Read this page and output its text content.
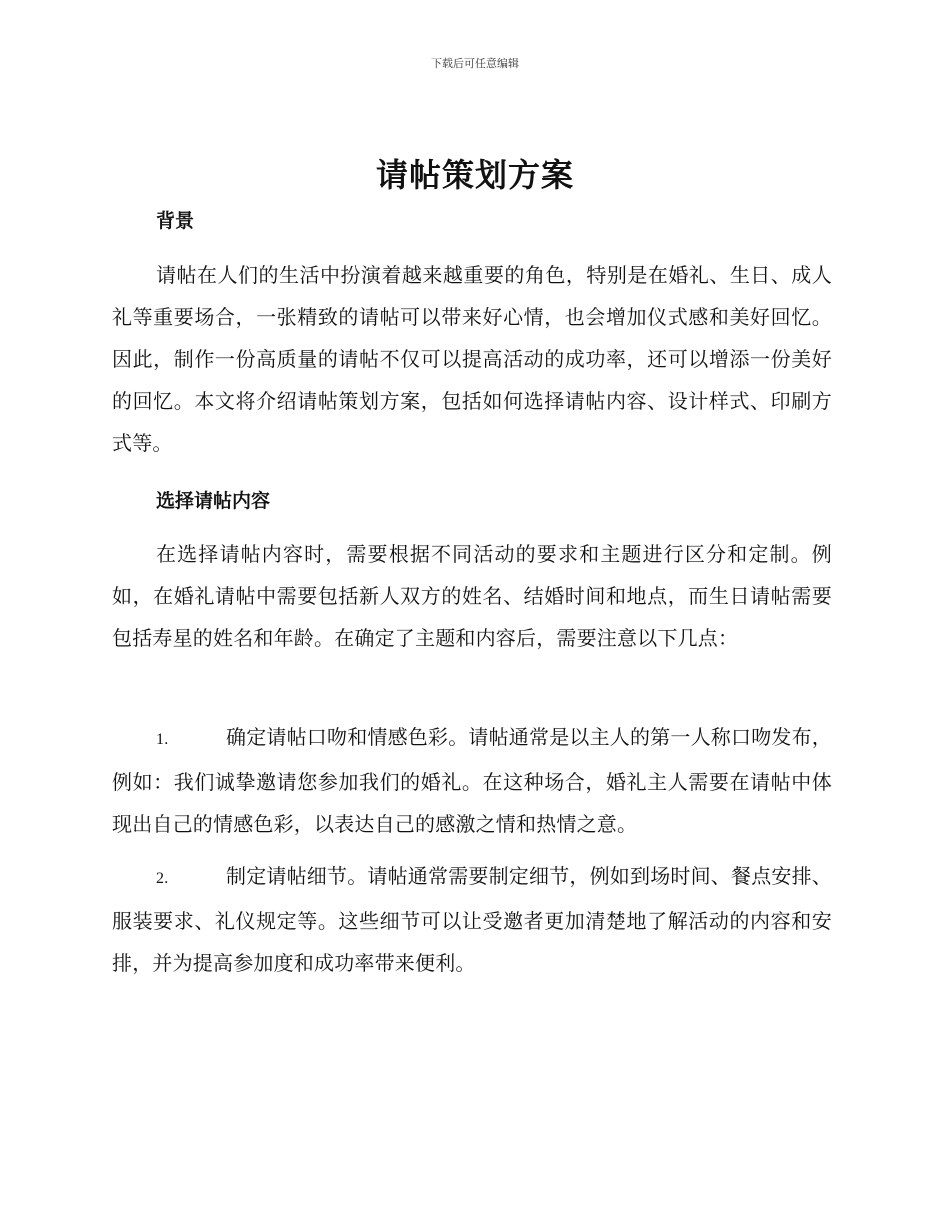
下载后可任意编辑
请帖策划方案
背景

请帖在人们的生活中扮演着越来越重要的角色，特别是在婚礼、生日、成人礼等重要场合，一张精致的请帖可以带来好心情，也会增加仪式感和美好回忆。因此，制作一份高质量的请帖不仅可以提高活动的成功率，还可以增添一份美好的回忆。本文将介绍请帖策划方案，包括如何选择请帖内容、设计样式、印刷方式等。

选择请帖内容

在选择请帖内容时，需要根据不同活动的要求和主题进行区分和定制。例如，在婚礼请帖中需要包括新人双方的姓名、结婚时间和地点，而生日请帖需要包括寿星的姓名和年龄。在确定了主题和内容后，需要注意以下几点：

1.	确定请帖口吻和情感色彩。请帖通常是以主人的第一人称口吻发布，例如：我们诚挚邀请您参加我们的婚礼。在这种场合，婚礼主人需要在请帖中体现出自己的情感色彩，以表达自己的感激之情和热情之意。

2.	制定请帖细节。请帖通常需要制定细节，例如到场时间、餐点安排、服装要求、礼仪规定等。这些细节可以让受邀者更加清楚地了解活动的内容和安排，并为提高参加度和成功率带来便利。
